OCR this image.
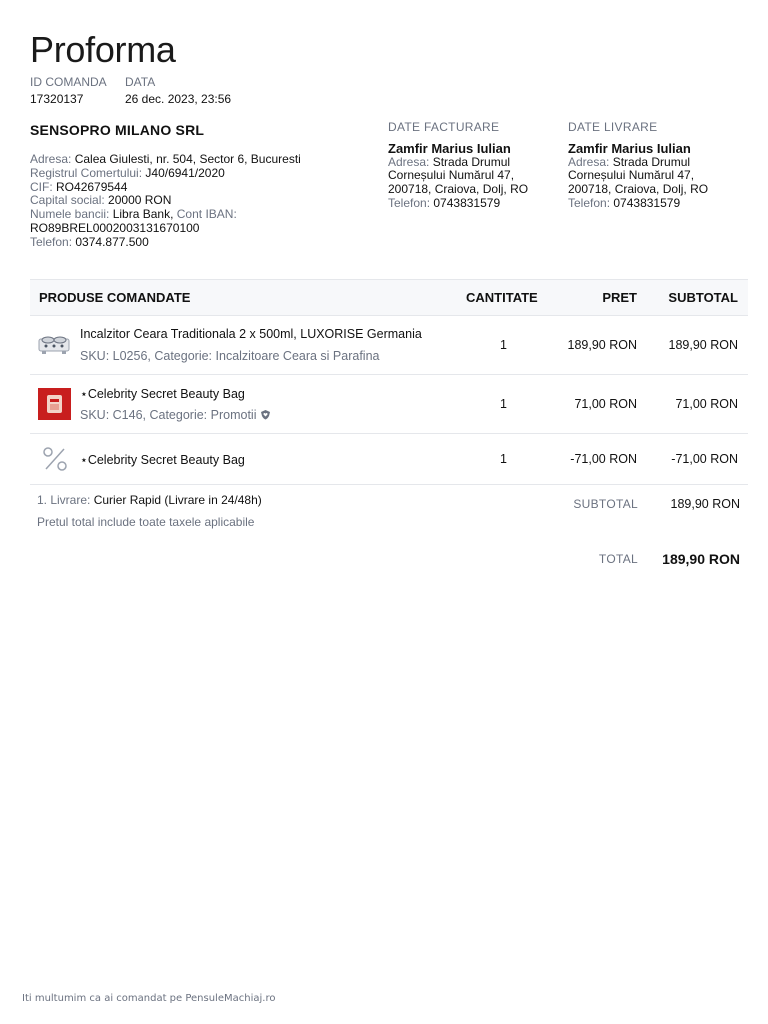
Proforma
ID COMANDA
17320137
DATA
26 dec. 2023, 23:56
SENSOPRO MILANO SRL
Adresa: Calea Giulesti, nr. 504, Sector 6, Bucuresti
Registrul Comertului: J40/6941/2020
CIF: RO42679544
Capital social: 20000 RON
Numele bancii: Libra Bank, Cont IBAN:
RO89BREL0002003131670100
Telefon: 0374.877.500
DATE FACTURARE
Zamfir Marius Iulian
Adresa: Strada Drumul
Corneșului Numărul 47,
200718, Craiova, Dolj, RO
Telefon: 0743831579
DATE LIVRARE
Zamfir Marius Iulian
Adresa: Strada Drumul
Corneșului Numărul 47,
200718, Craiova, Dolj, RO
Telefon: 0743831579
PRODUSE COMANDATE	CANTITATE	PRET SUBTOTAL
Incalzitor Ceara Traditionala 2 x 500ml, LUXORISE Germania
SKU: L0256, Categorie: Incalzitoare Ceara si Parafina
1	189,90 RON	189,90 RON
⋆Celebrity Secret Beauty Bag
SKU: C146, Categorie: Promotii
1	71,00 RON	71,00 RON
⋆Celebrity Secret Beauty Bag	1	-71,00 RON	-71,00 RON
1. Livrare: Curier Rapid (Livrare in 24/48h)
Pretul total include toate taxele aplicabile
SUBTOTAL	189,90 RON
TOTAL 189,90 RON
Iti multumim ca ai comandat pe PensuleMachiaj.ro
